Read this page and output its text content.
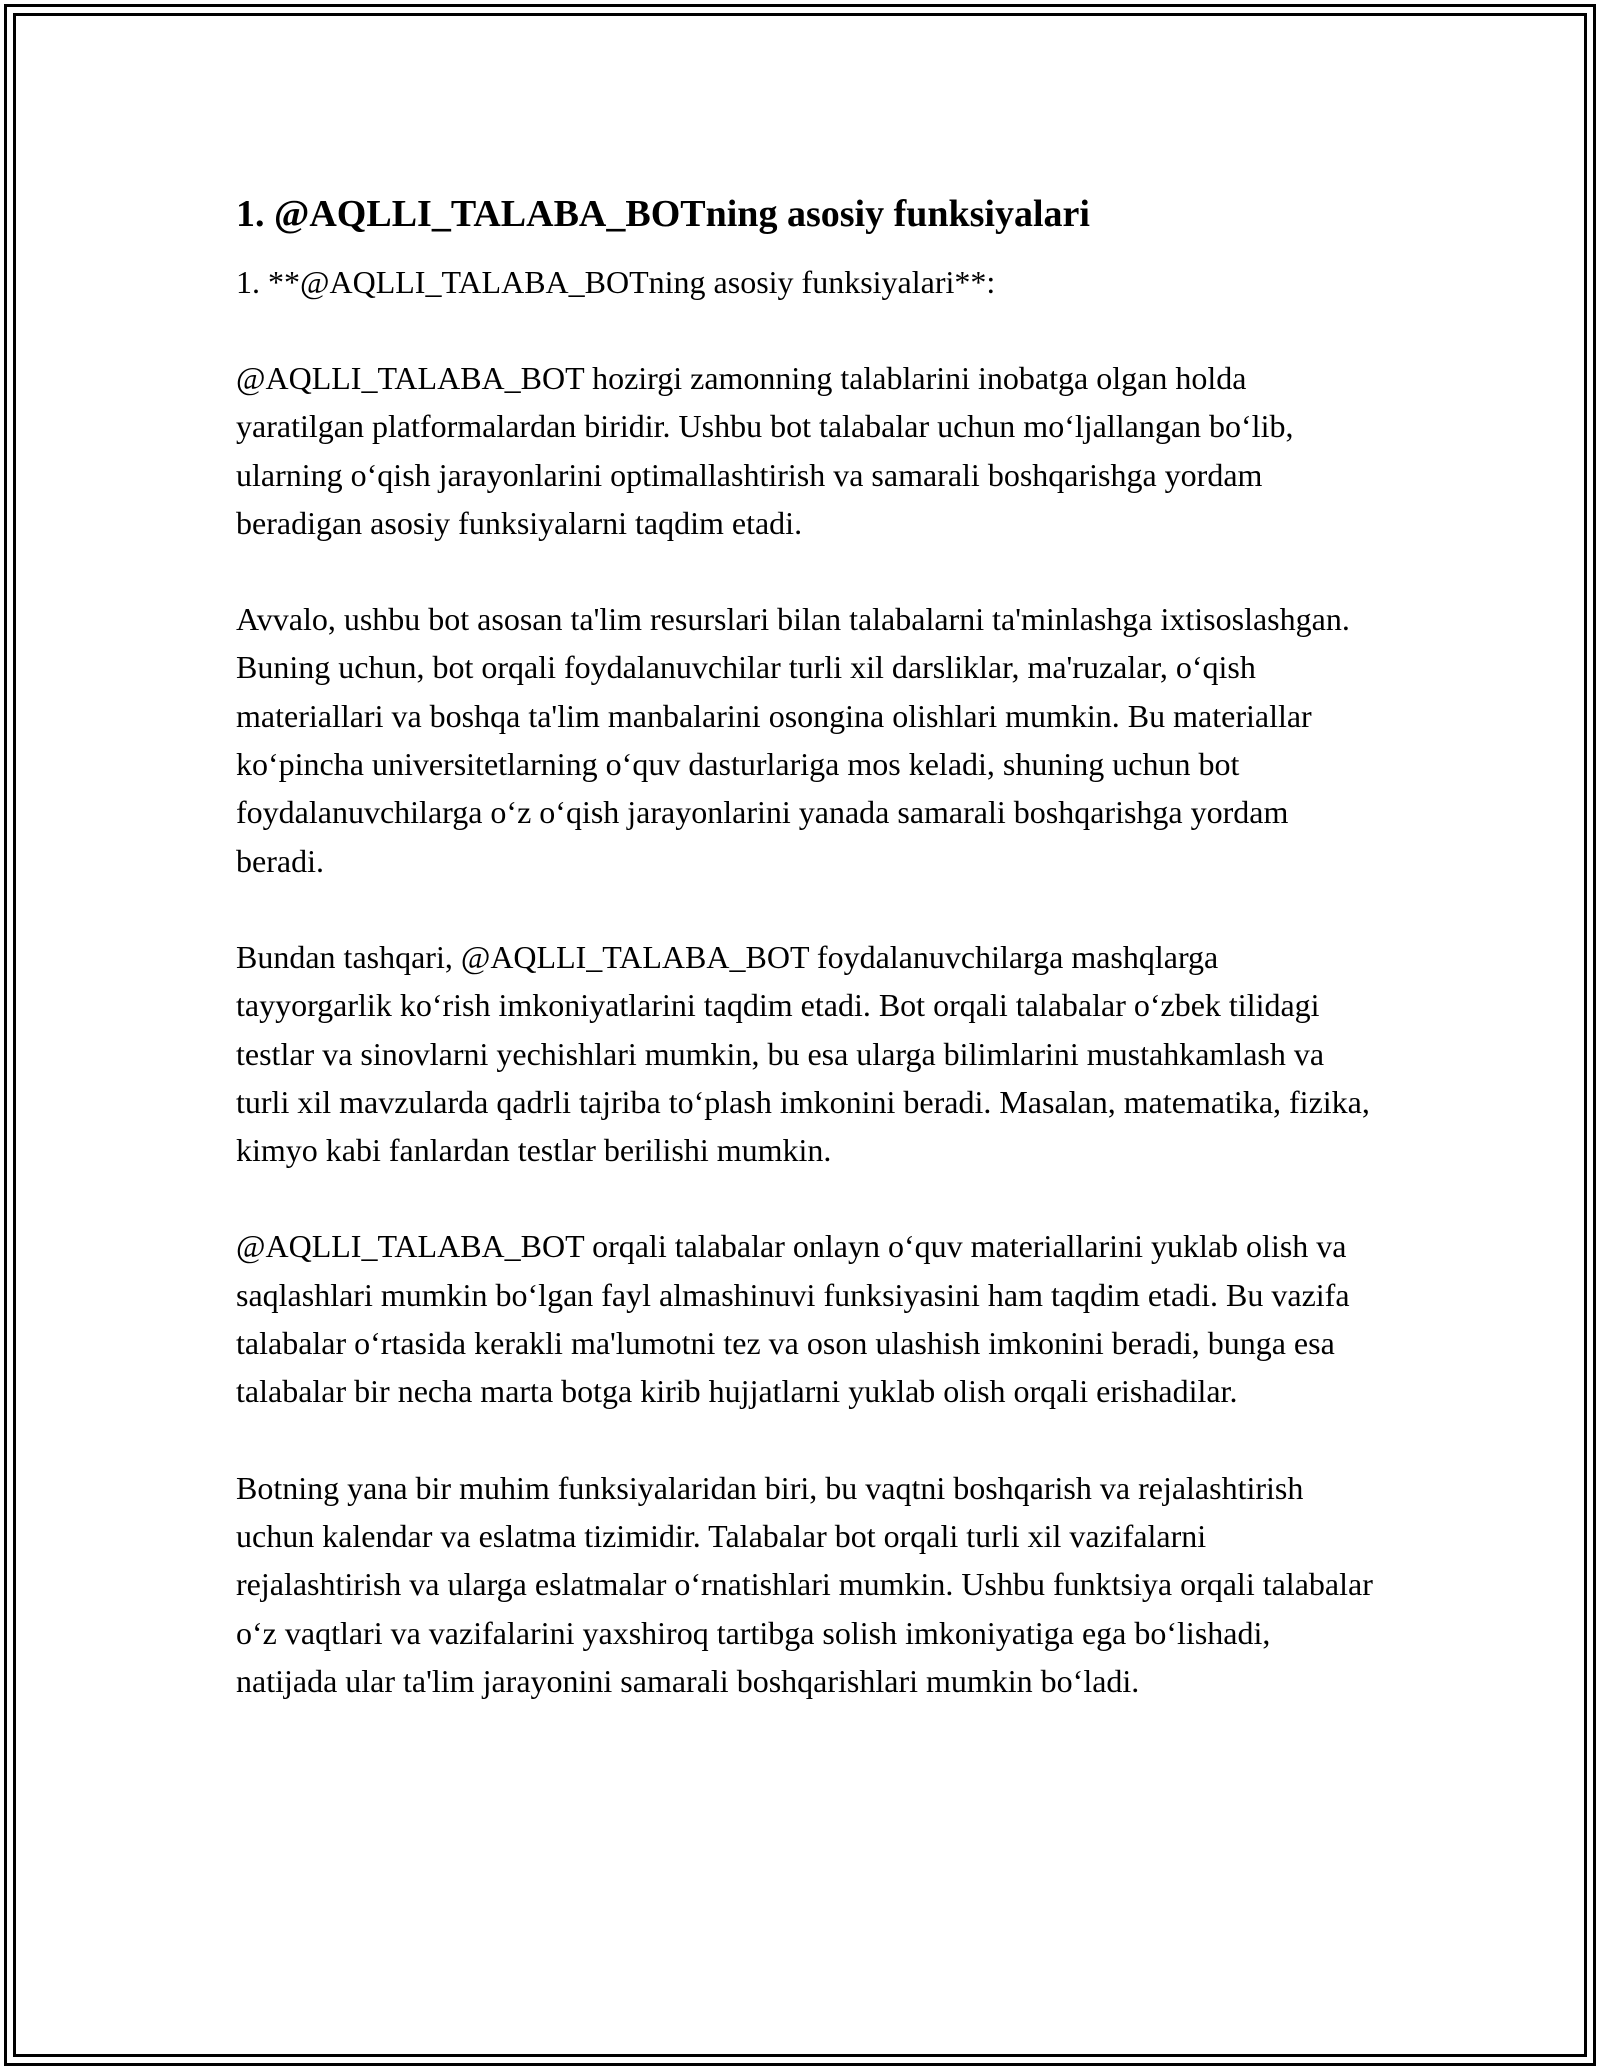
1. @AQLLI_TALABA_BOTning asosiy funksiyalari

1. **@AQLLI_TALABA_BOTning asosiy funksiyalari**:

@AQLLI_TALABA_BOT hozirgi zamonning talablarini inobatga olgan holda yaratilgan platformalardan biridir. Ushbu bot talabalar uchun mo‘ljallangan bo‘lib, ularning o‘qish jarayonlarini optimallashtirish va samarali boshqarishga yordam beradigan asosiy funksiyalarni taqdim etadi.

Avvalo, ushbu bot asosan ta'lim resurslari bilan talabalarni ta'minlashga ixtisoslashgan. Buning uchun, bot orqali foydalanuvchilar turli xil darsliklar, ma'ruzalar, o‘qish materiallari va boshqa ta'lim manbalarini osongina olishlari mumkin. Bu materiallar ko‘pincha universitetlarning o‘quv dasturlariga mos keladi, shuning uchun bot foydalanuvchilarga o‘z o‘qish jarayonlarini yanada samarali boshqarishga yordam beradi.

Bundan tashqari, @AQLLI_TALABA_BOT foydalanuvchilarga mashqlarga tayyorgarlik ko‘rish imkoniyatlarini taqdim etadi. Bot orqali talabalar o‘zbek tilidagi testlar va sinovlarni yechishlari mumkin, bu esa ularga bilimlarini mustahkamlash va turli xil mavzularda qadrli tajriba to‘plash imkonini beradi. Masalan, matematika, fizika, kimyo kabi fanlardan testlar berilishi mumkin.

@AQLLI_TALABA_BOT orqali talabalar onlayn o‘quv materiallarini yuklab olish va saqlashlari mumkin bo‘lgan fayl almashinuvi funksiyasini ham taqdim etadi. Bu vazifa talabalar o‘rtasida kerakli ma'lumotni tez va oson ulashish imkonini beradi, bunga esa talabalar bir necha marta botga kirib hujjatlarni yuklab olish orqali erishadilar.

Botning yana bir muhim funksiyalaridan biri, bu vaqtni boshqarish va rejalashtirish uchun kalendar va eslatma tizimidir. Talabalar bot orqali turli xil vazifalarni rejalashtirish va ularga eslatmalar o‘rnatishlari mumkin. Ushbu funktsiya orqali talabalar o‘z vaqtlari va vazifalarini yaxshiroq tartibga solish imkoniyatiga ega bo‘lishadi, natijada ular ta'lim jarayonini samarali boshqarishlari mumkin bo‘ladi.
